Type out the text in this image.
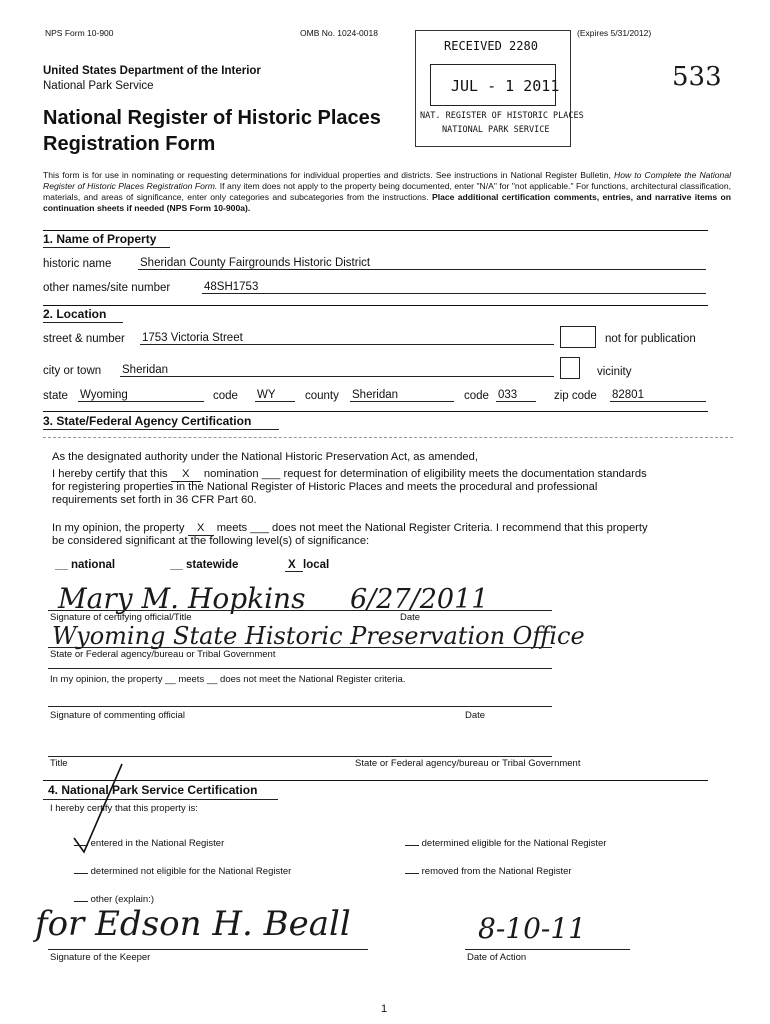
NPS Form 10-900	OMB No. 1024-0018	(Expires 5/31/2012)
United States Department of the Interior
National Park Service
National Register of Historic Places
Registration Form
533
RECEIVED 2280
JUL - 1 2011
NAT. REGISTER OF HISTORIC PLACES
NATIONAL PARK SERVICE
This form is for use in nominating or requesting determinations for individual properties and districts. See instructions in National Register Bulletin, How to Complete the National Register of Historic Places Registration Form. If any item does not apply to the property being documented, enter "N/A" for "not applicable." For functions, architectural classification, materials, and areas of significance, enter only categories and subcategories from the instructions. Place additional certification comments, entries, and narrative items on continuation sheets if needed (NPS Form 10-900a).
1. Name of Property
historic name Sheridan County Fairgrounds Historic District
other names/site number	48SH1753
2. Location
street & number 1753 Victoria Street	not for publication
city or town Sheridan	vicinity
state Wyoming	code WY	county Sheridan	code 033	zip code 82801
3. State/Federal Agency Certification
As the designated authority under the National Historic Preservation Act, as amended,
I hereby certify that this X nomination ___ request for determination of eligibility meets the documentation standards
for registering properties in the National Register of Historic Places and meets the procedural and professional
requirements set forth in 36 CFR Part 60.
In my opinion, the property X meets ___ does not meet the National Register Criteria. I recommend that this property
be considered significant at the following level(s) of significance:
__ national	__ statewide	X local
Mary M. Hopkins 6/27/2011
Signature of certifying official/Title	Date
Wyoming State Historic Preservation Office
State or Federal agency/bureau or Tribal Government
In my opinion, the property __ meets __ does not meet the National Register criteria.
Signature of commenting official	Date
Title	State or Federal agency/bureau or Tribal Government
4. National Park Service Certification
I hereby certify that this property is:
entered in the National Register	determined eligible for the National Register
determined not eligible for the National Register	removed from the National Register
other (explain:)
for Edson H. Beall	8-10-11
Signature of the Keeper	Date of Action
1
